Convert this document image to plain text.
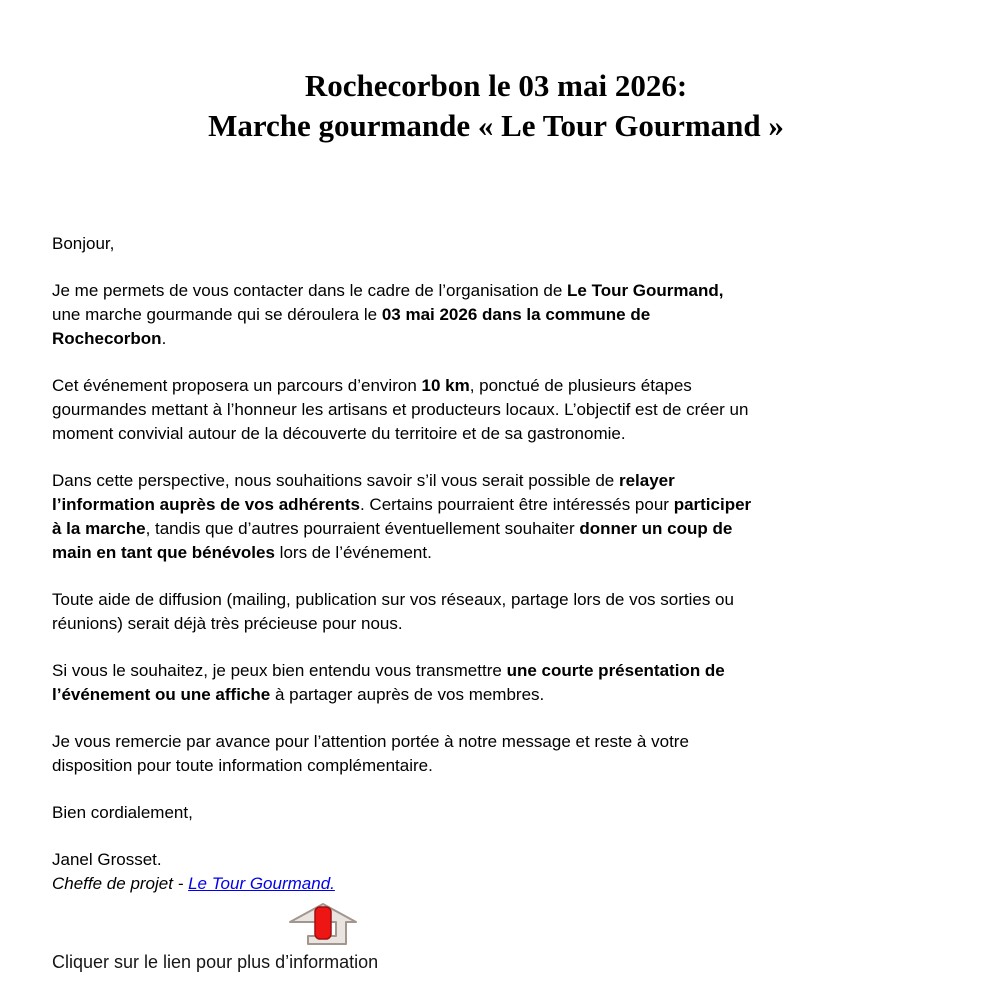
Rochecorbon le 03 mai 2026:
Marche gourmande « Le Tour Gourmand »

Bonjour,

Je me permets de vous contacter dans le cadre de l’organisation de Le Tour Gourmand,
une marche gourmande qui se déroulera le 03 mai 2026 dans la commune de
Rochecorbon.

Cet événement proposera un parcours d’environ 10 km, ponctué de plusieurs étapes
gourmandes mettant à l’honneur les artisans et producteurs locaux. L’objectif est de créer un
moment convivial autour de la découverte du territoire et de sa gastronomie.

Dans cette perspective, nous souhaitions savoir s’il vous serait possible de relayer
l’information auprès de vos adhérents. Certains pourraient être intéressés pour participer
à la marche, tandis que d’autres pourraient éventuellement souhaiter donner un coup de
main en tant que bénévoles lors de l’événement.

Toute aide de diffusion (mailing, publication sur vos réseaux, partage lors de vos sorties ou
réunions) serait déjà très précieuse pour nous.

Si vous le souhaitez, je peux bien entendu vous transmettre une courte présentation de
l’événement ou une affiche à partager auprès de vos membres.

Je vous remercie par avance pour l’attention portée à notre message et reste à votre
disposition pour toute information complémentaire.

Bien cordialement,

Janel Grosset.
Cheffe de projet - Le Tour Gourmand.

Cliquer sur le lien pour plus d’information
